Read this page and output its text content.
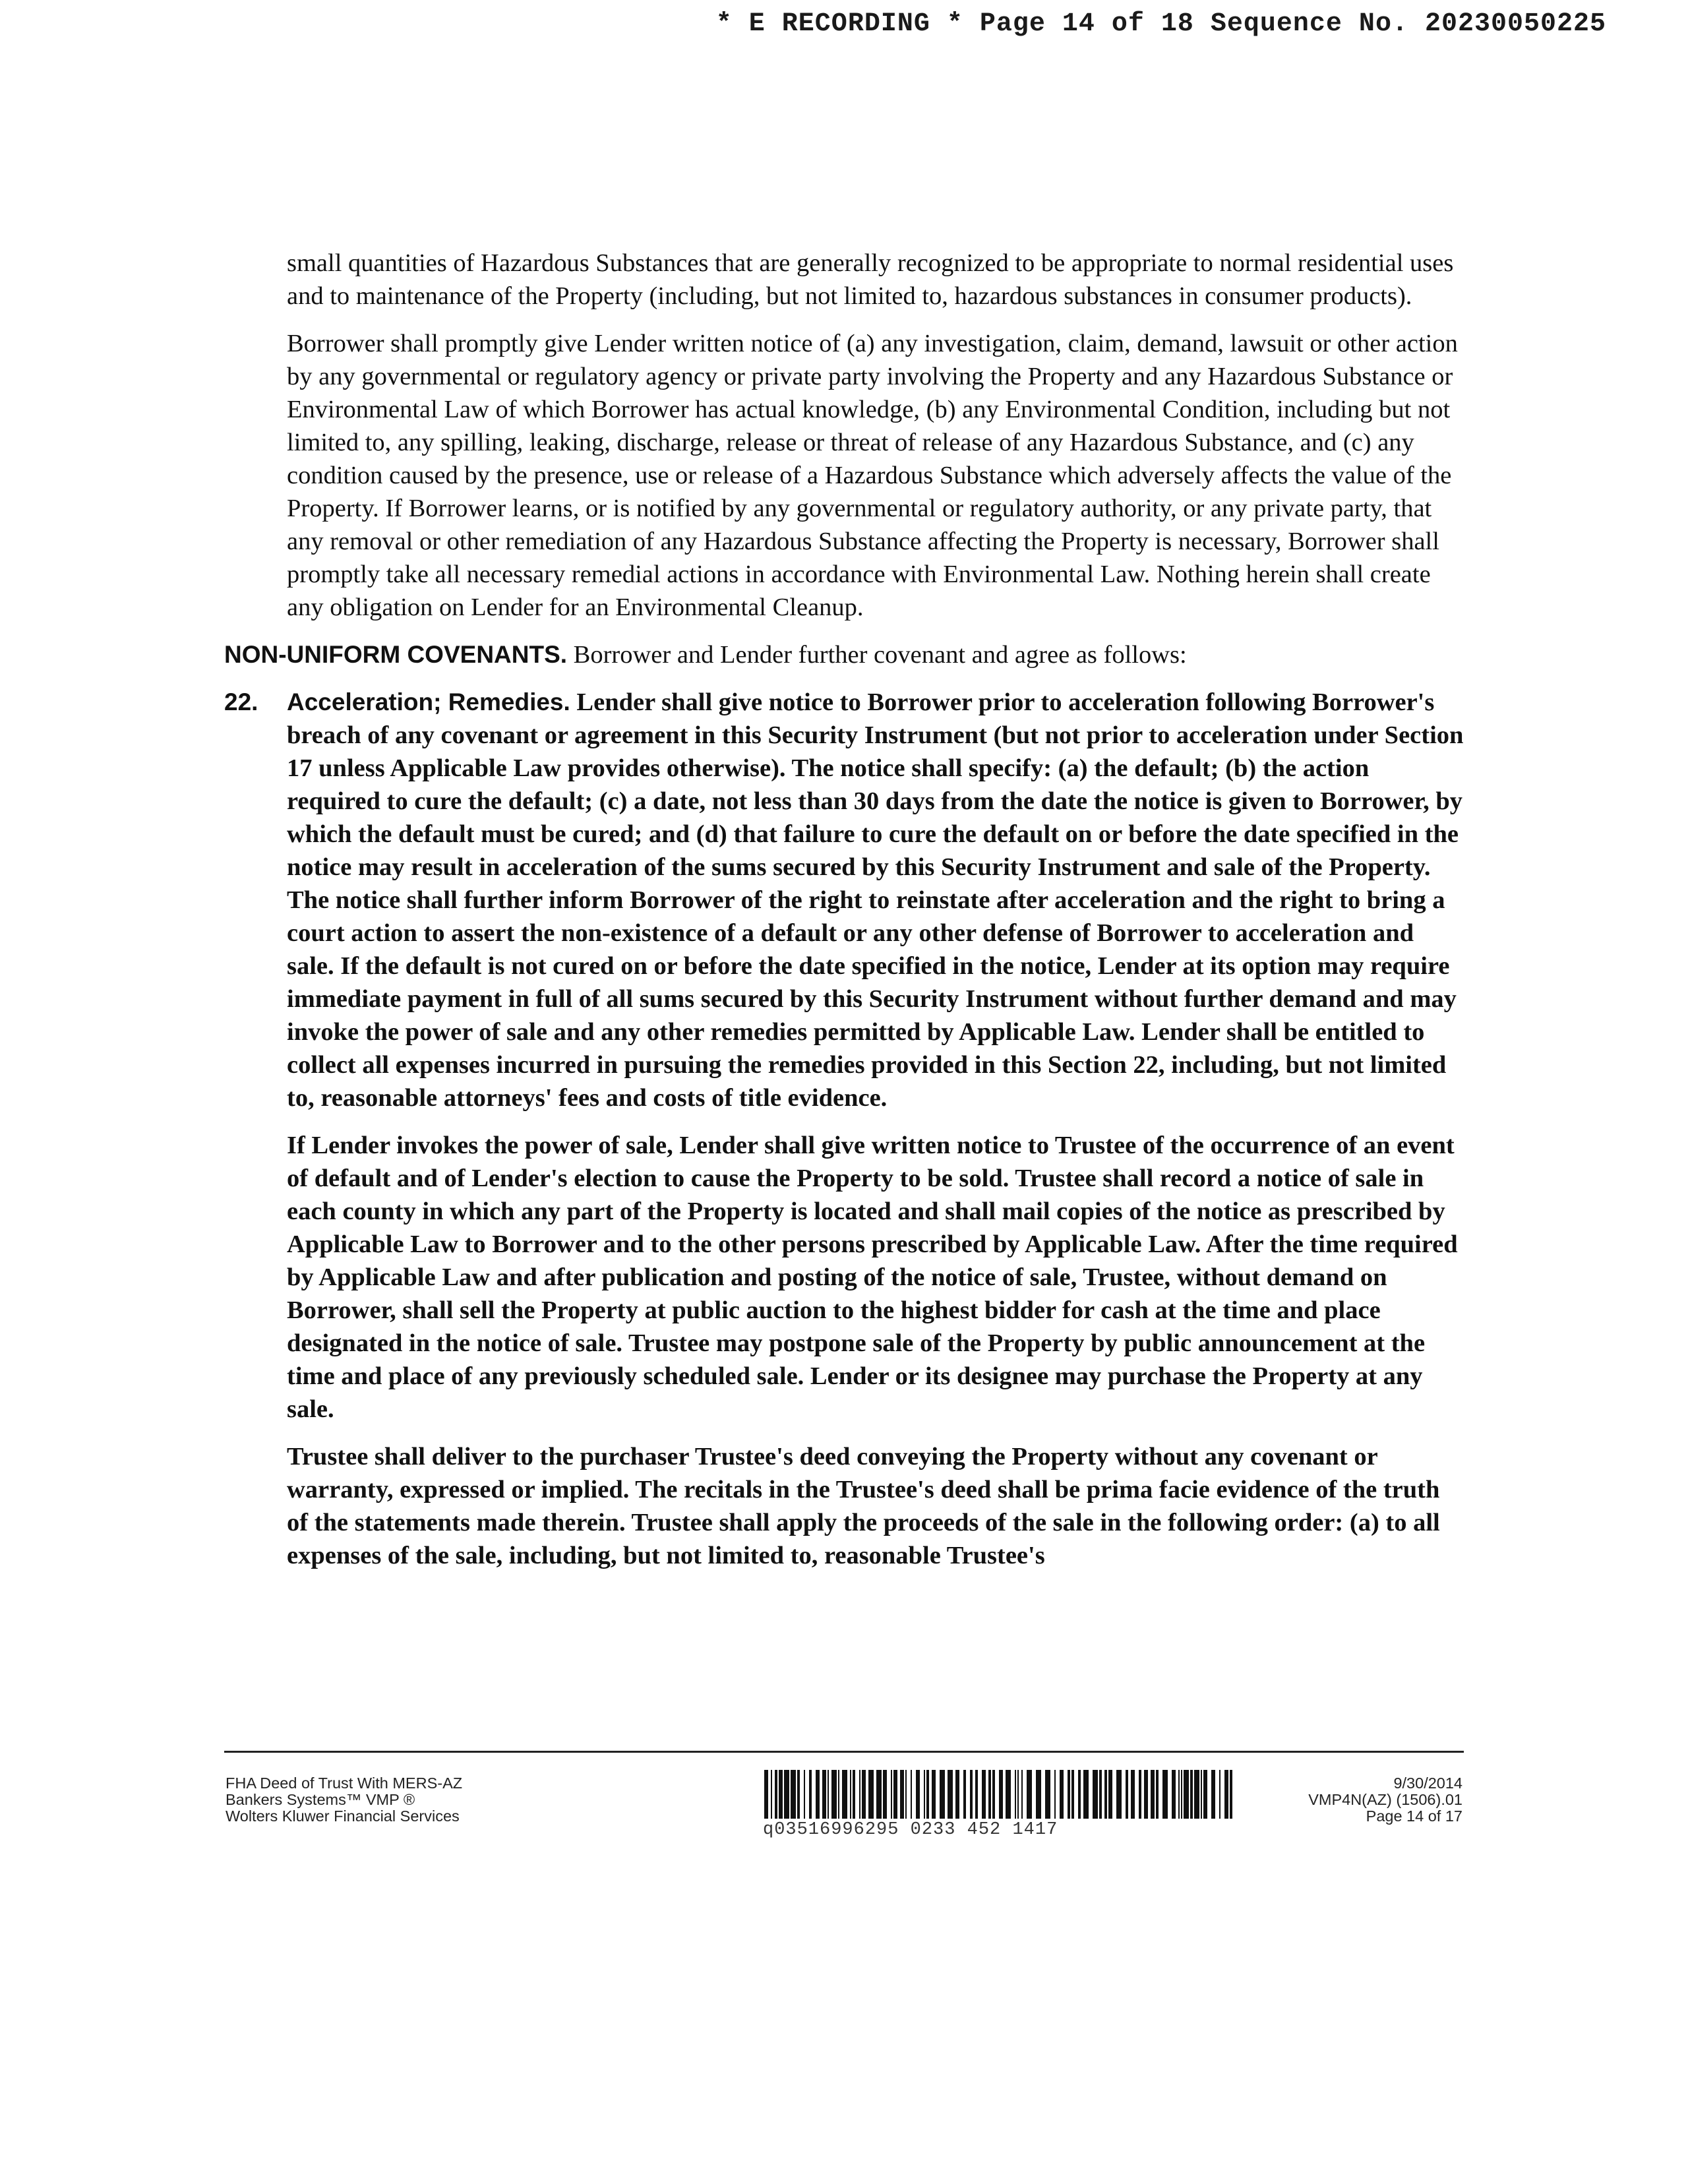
* E RECORDING * Page 14 of 18 Sequence No. 20230050225

small quantities of Hazardous Substances that are generally recognized to be appropriate to normal residential uses and to maintenance of the Property (including, but not limited to, hazardous substances in consumer products).

Borrower shall promptly give Lender written notice of (a) any investigation, claim, demand, lawsuit or other action by any governmental or regulatory agency or private party involving the Property and any Hazardous Substance or Environmental Law of which Borrower has actual knowledge, (b) any Environmental Condition, including but not limited to, any spilling, leaking, discharge, release or threat of release of any Hazardous Substance, and (c) any condition caused by the presence, use or release of a Hazardous Substance which adversely affects the value of the Property. If Borrower learns, or is notified by any governmental or regulatory authority, or any private party, that any removal or other remediation of any Hazardous Substance affecting the Property is necessary, Borrower shall promptly take all necessary remedial actions in accordance with Environmental Law. Nothing herein shall create any obligation on Lender for an Environmental Cleanup.

NON-UNIFORM COVENANTS. Borrower and Lender further covenant and agree as follows:

22. Acceleration; Remedies. Lender shall give notice to Borrower prior to acceleration following Borrower's breach of any covenant or agreement in this Security Instrument (but not prior to acceleration under Section 17 unless Applicable Law provides otherwise). The notice shall specify: (a) the default; (b) the action required to cure the default; (c) a date, not less than 30 days from the date the notice is given to Borrower, by which the default must be cured; and (d) that failure to cure the default on or before the date specified in the notice may result in acceleration of the sums secured by this Security Instrument and sale of the Property. The notice shall further inform Borrower of the right to reinstate after acceleration and the right to bring a court action to assert the non-existence of a default or any other defense of Borrower to acceleration and sale. If the default is not cured on or before the date specified in the notice, Lender at its option may require immediate payment in full of all sums secured by this Security Instrument without further demand and may invoke the power of sale and any other remedies permitted by Applicable Law. Lender shall be entitled to collect all expenses incurred in pursuing the remedies provided in this Section 22, including, but not limited to, reasonable attorneys' fees and costs of title evidence.

If Lender invokes the power of sale, Lender shall give written notice to Trustee of the occurrence of an event of default and of Lender's election to cause the Property to be sold. Trustee shall record a notice of sale in each county in which any part of the Property is located and shall mail copies of the notice as prescribed by Applicable Law to Borrower and to the other persons prescribed by Applicable Law. After the time required by Applicable Law and after publication and posting of the notice of sale, Trustee, without demand on Borrower, shall sell the Property at public auction to the highest bidder for cash at the time and place designated in the notice of sale. Trustee may postpone sale of the Property by public announcement at the time and place of any previously scheduled sale. Lender or its designee may purchase the Property at any sale.

Trustee shall deliver to the purchaser Trustee's deed conveying the Property without any covenant or warranty, expressed or implied. The recitals in the Trustee's deed shall be prima facie evidence of the truth of the statements made therein. Trustee shall apply the proceeds of the sale in the following order: (a) to all expenses of the sale, including, but not limited to, reasonable Trustee's

FHA Deed of Trust With MERS-AZ
Bankers Systems™ VMP ®
Wolters Kluwer Financial Services
q03516996295 0233 452 1417
9/30/2014
VMP4N(AZ) (1506).01
Page 14 of 17
